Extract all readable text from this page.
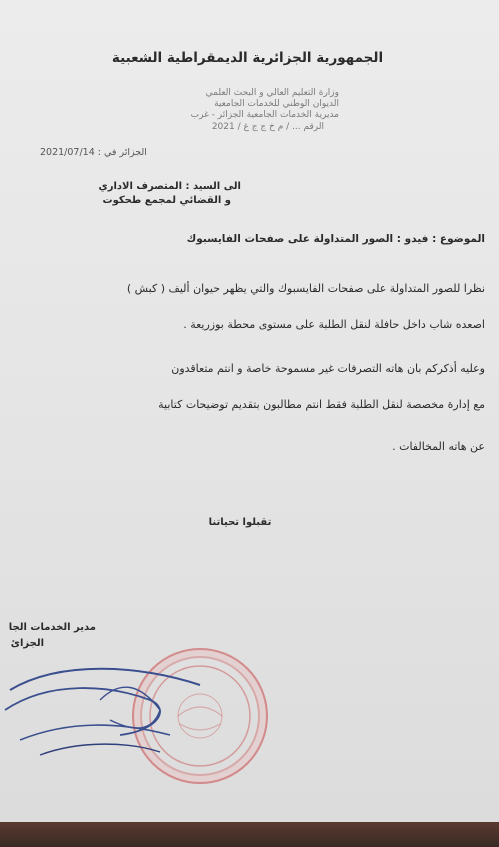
الجمهورية الجزائرية الديمقراطية الشعبية
وزارة التعليم العالي و البحث العلمي
الديوان الوطني للخدمات الجامعية
مديرية الخدمات الجامعية الجزائر - غرب
الرقم ... / م خ ج ج غ / 2021
الجزائر في : 2021/07/14
الى السيد : المتصرف الاداري
و القضائي لمجمع طحكوت
الموضوع : فيدو : الصور المتداولة على صفحات الفايسبوك
نظرا للصور المتداولة على صفحات الفايسبوك والتي يظهر حيوان أليف ( كبش )
اصعده شاب داخل حافلة لنقل الطلبة على مستوى محطة بوزريعة .
وعليه أذكركم بان هاته التصرفات غير مسموحة خاصة و انتم متعاقدون
مع إدارة مخصصة لنقل الطلبة فقط انتم مطالبون بتقديم توضيحات كتابية
عن هاته المخالفات .
تقبلوا تحياتنا
مدير الخدمات الجا
الجزائ
